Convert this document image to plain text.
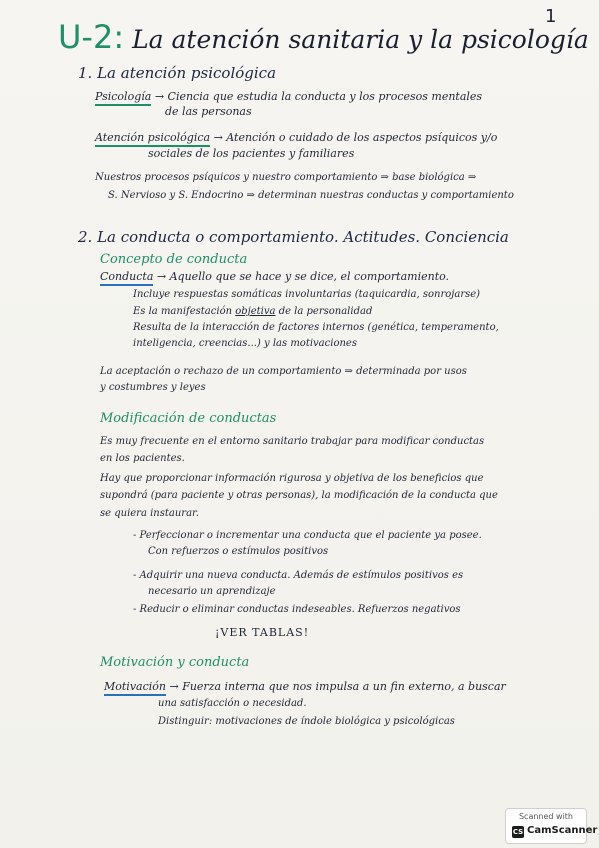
1
U-2: La atención sanitaria y la psicología
1. La atención psicológica
Psicología → Ciencia que estudia la conducta y los procesos mentales
de las personas
Atención psicológica → Atención o cuidado de los aspectos psíquicos y/o
sociales de los pacientes y familiares
Nuestros procesos psíquicos y nuestro comportamiento ⇒ base biológica ⇒
S. Nervioso y S. Endocrino ⇒ determinan nuestras conductas y comportamiento
2. La conducta o comportamiento. Actitudes. Conciencia
Concepto de conducta
Conducta → Aquello que se hace y se dice, el comportamiento.
Incluye respuestas somáticas involuntarias (taquicardia, sonrojarse)
Es la manifestación objetiva de la personalidad
Resulta de la interacción de factores internos (genética, temperamento,
inteligencia, creencias...) y las motivaciones
La aceptación o rechazo de un comportamiento ⇒ determinada por usos
y costumbres y leyes
Modificación de conductas
Es muy frecuente en el entorno sanitario trabajar para modificar conductas
en los pacientes.
Hay que proporcionar información rigurosa y objetiva de los beneficios que
supondrá (para paciente y otras personas), la modificación de la conducta que
se quiera instaurar.
- Perfeccionar o incrementar una conducta que el paciente ya posee.
Con refuerzos o estímulos positivos
- Adquirir una nueva conducta. Además de estímulos positivos es
necesario un aprendizaje
- Reducir o eliminar conductas indeseables. Refuerzos negativos
¡VER TABLAS!
Motivación y conducta
Motivación → Fuerza interna que nos impulsa a un fin externo, a buscar
una satisfacción o necesidad.
Distinguir: motivaciones de índole biológica y psicológicas
Scanned with
CS CamScanner
